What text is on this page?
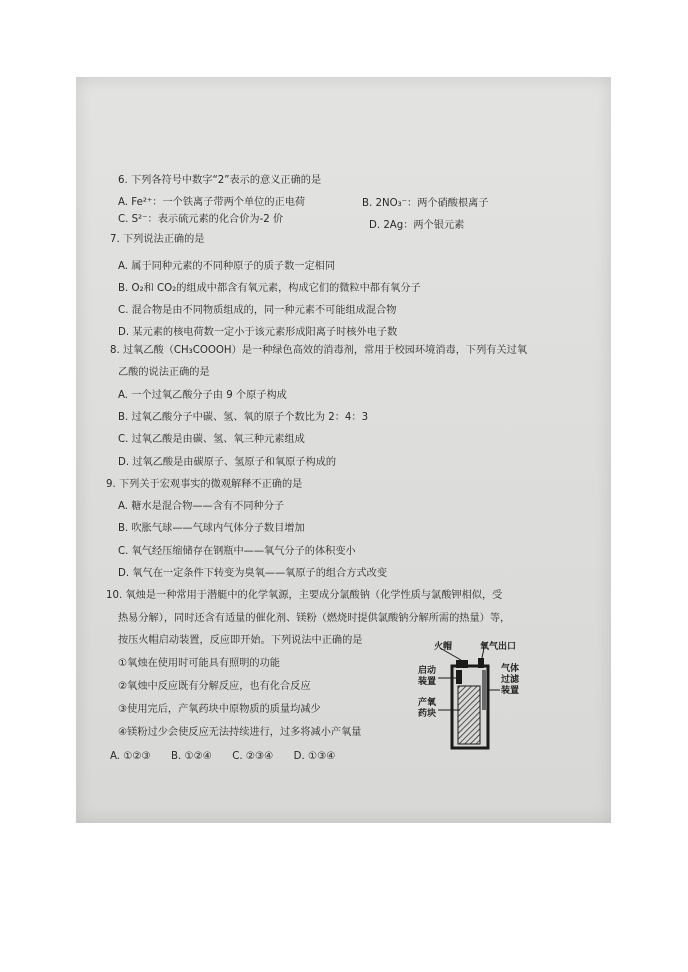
6. 下列各符号中数字“2”表示的意义正确的是
A. Fe²⁺：一个铁离子带两个单位的正电荷	B. 2NO₃⁻：两个硝酸根离子
C. S²⁻：表示硫元素的化合价为-2 价
D. 2Ag：两个银元素
7. 下列说法正确的是
A. 属于同种元素的不同种原子的质子数一定相同
B. O₂和 CO₂的组成中都含有氧元素，构成它们的微粒中都有氧分子
C. 混合物是由不同物质组成的，同一种元素不可能组成混合物
D. 某元素的核电荷数一定小于该元素形成阳离子时核外电子数
8. 过氧乙酸（CH₃COOOH）是一种绿色高效的消毒剂，常用于校园环境消毒，下列有关过氧
乙酸的说法正确的是
A. 一个过氧乙酸分子由 9 个原子构成
B. 过氧乙酸分子中碳、氢、氧的原子个数比为 2：4：3
C. 过氧乙酸是由碳、氢、氧三种元素组成
D. 过氧乙酸是由碳原子、氢原子和氧原子构成的
9. 下列关于宏观事实的微观解释不正确的是
A. 糖水是混合物——含有不同种分子
B. 吹胀气球——气球内气体分子数目增加
C. 氧气经压缩储存在钢瓶中——氧气分子的体积变小
D. 氧气在一定条件下转变为臭氧——氧原子的组合方式改变
10. 氧烛是一种常用于潜艇中的化学氧源，主要成分氯酸钠（化学性质与氯酸钾相似，受
热易分解），同时还含有适量的催化剂、镁粉（燃烧时提供氯酸钠分解所需的热量）等，
按压火帽启动装置，反应即开始。下列说法中正确的是
①氧烛在使用时可能具有照明的功能
②氧烛中反应既有分解反应，也有化合反应
③使用完后，产氧药块中原物质的质量均减少
④镁粉过少会使反应无法持续进行，过多将减小产氧量
A. ①②③　　B. ①②④　　C. ②③④　　D. ①③④
火帽	氧气出口
启动
装置
气体
过滤
装置
产氧
药块
